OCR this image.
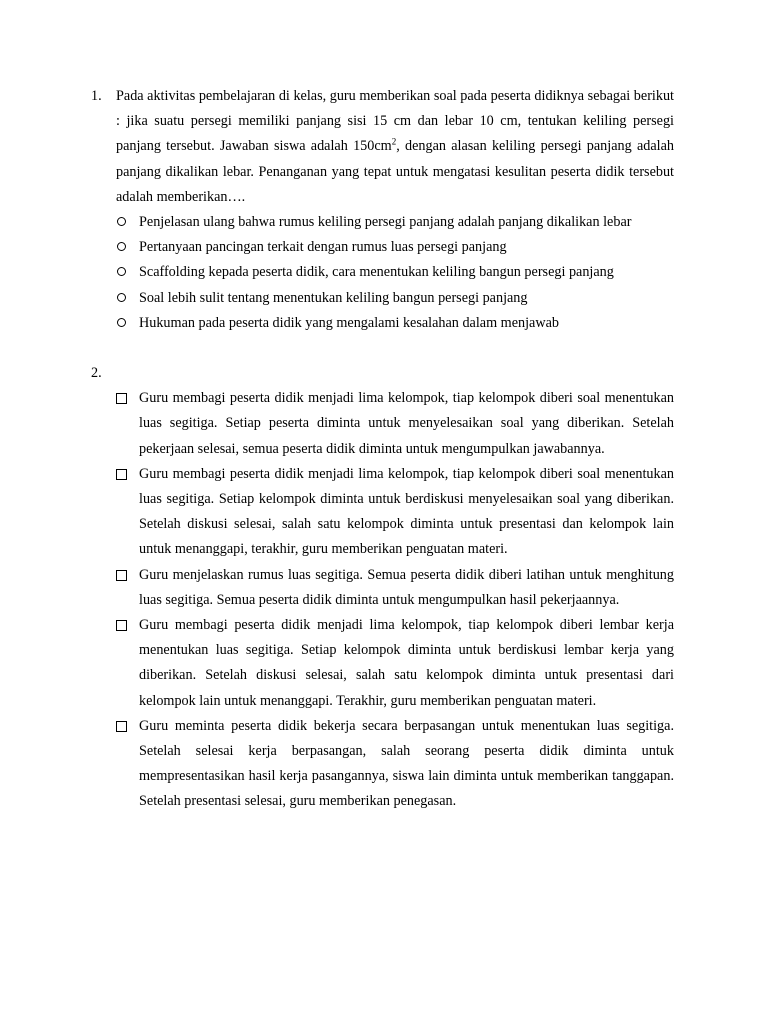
1. Pada aktivitas pembelajaran di kelas, guru memberikan soal pada peserta didiknya sebagai berikut : jika suatu persegi memiliki panjang sisi 15 cm dan lebar 10 cm, tentukan keliling persegi panjang tersebut. Jawaban siswa adalah $150cm^2$, dengan alasan keliling persegi panjang adalah panjang dikalikan lebar. Penanganan yang tepat untuk mengatasi kesulitan peserta didik tersebut adalah memberikan….
Penjelasan ulang bahwa rumus keliling persegi panjang adalah panjang dikalikan lebar
Pertanyaan pancingan terkait dengan rumus luas persegi panjang
Scaffolding kepada peserta didik, cara menentukan keliling bangun persegi panjang
Soal lebih sulit tentang menentukan keliling bangun persegi panjang
Hukuman pada peserta didik yang mengalami kesalahan dalam menjawab
2.
Guru membagi peserta didik menjadi lima kelompok, tiap kelompok diberi soal menentukan luas segitiga. Setiap peserta diminta untuk menyelesaikan soal yang diberikan. Setelah pekerjaan selesai, semua peserta didik diminta untuk mengumpulkan jawabannya.
Guru membagi peserta didik menjadi lima kelompok, tiap kelompok diberi soal menentukan luas segitiga. Setiap kelompok diminta untuk berdiskusi menyelesaikan soal yang diberikan. Setelah diskusi selesai, salah satu kelompok diminta untuk presentasi dan kelompok lain untuk menanggapi, terakhir, guru memberikan penguatan materi.
Guru menjelaskan rumus luas segitiga. Semua peserta didik diberi latihan untuk menghitung luas segitiga. Semua peserta didik diminta untuk mengumpulkan hasil pekerjaannya.
Guru membagi peserta didik menjadi lima kelompok, tiap kelompok diberi lembar kerja menentukan luas segitiga. Setiap kelompok diminta untuk berdiskusi lembar kerja yang diberikan. Setelah diskusi selesai, salah satu kelompok diminta untuk presentasi dari kelompok lain untuk menanggapi. Terakhir, guru memberikan penguatan materi.
Guru meminta peserta didik bekerja secara berpasangan untuk menentukan luas segitiga. Setelah selesai kerja berpasangan, salah seorang peserta didik diminta untuk mempresentasikan hasil kerja pasangannya, siswa lain diminta untuk memberikan tanggapan. Setelah presentasi selesai, guru memberikan penegasan.
